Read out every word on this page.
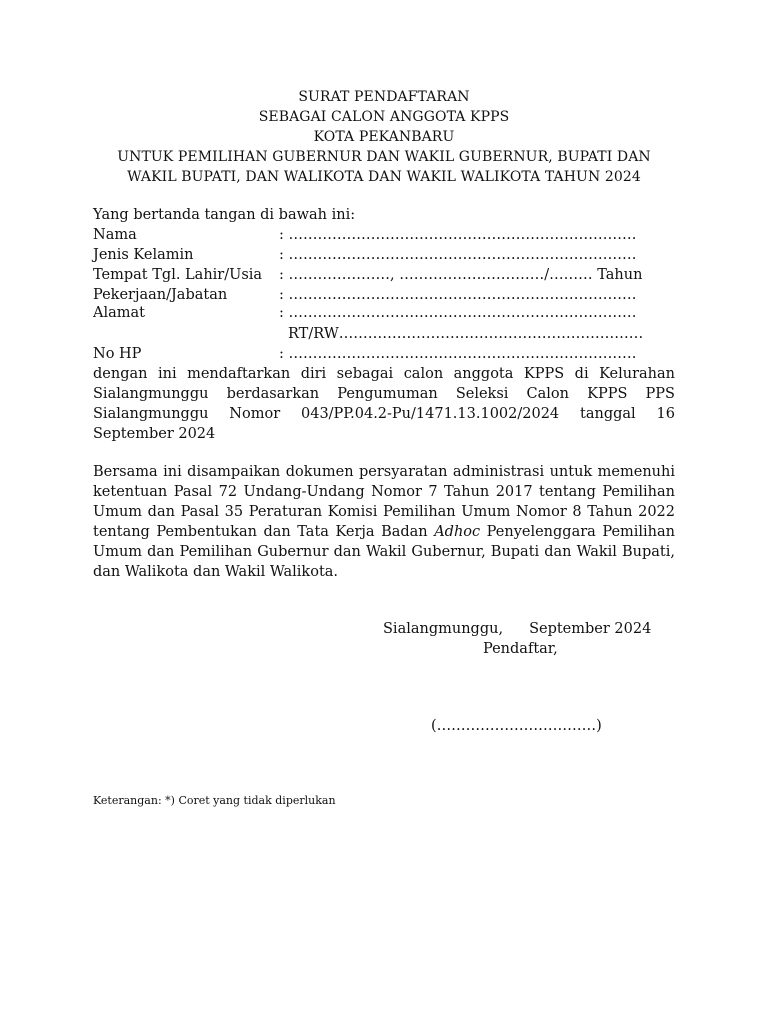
SURAT PENDAFTARAN
SEBAGAI CALON ANGGOTA KPPS
KOTA PEKANBARU
UNTUK PEMILIHAN GUBERNUR DAN WAKIL GUBERNUR, BUPATI DAN
WAKIL BUPATI, DAN WALIKOTA DAN WAKIL WALIKOTA TAHUN 2024
Yang bertanda tangan di bawah ini:
Nama	: ………………………………………………………………
Jenis Kelamin	: ………………………………………………………………
Tempat Tgl. Lahir/Usia : …………………, …………………………/……… Tahun
Pekerjaan/Jabatan	: ………………………………………………………………
Alamat	: ………………………………………………………………
RT/RW………………………………………………………
No HP	: ………………………………………………………………
dengan ini mendaftarkan diri sebagai calon anggota KPPS di Kelurahan Sialangmunggu berdasarkan Pengumuman Seleksi Calon KPPS PPS Sialangmunggu Nomor 043/PP.04.2-Pu/1471.13.1002/2024 tanggal 16 September 2024
Bersama ini disampaikan dokumen persyaratan administrasi untuk memenuhi ketentuan Pasal 72 Undang-Undang Nomor 7 Tahun 2017 tentang Pemilihan Umum dan Pasal 35 Peraturan Komisi Pemilihan Umum Nomor 8 Tahun 2022 tentang Pembentukan dan Tata Kerja Badan Adhoc Penyelenggara Pemilihan Umum dan Pemilihan Gubernur dan Wakil Gubernur, Bupati dan Wakil Bupati, dan Walikota dan Wakil Walikota.
Sialangmunggu, September 2024
Pendaftar,
(……………………………)
Keterangan: *) Coret yang tidak diperlukan
